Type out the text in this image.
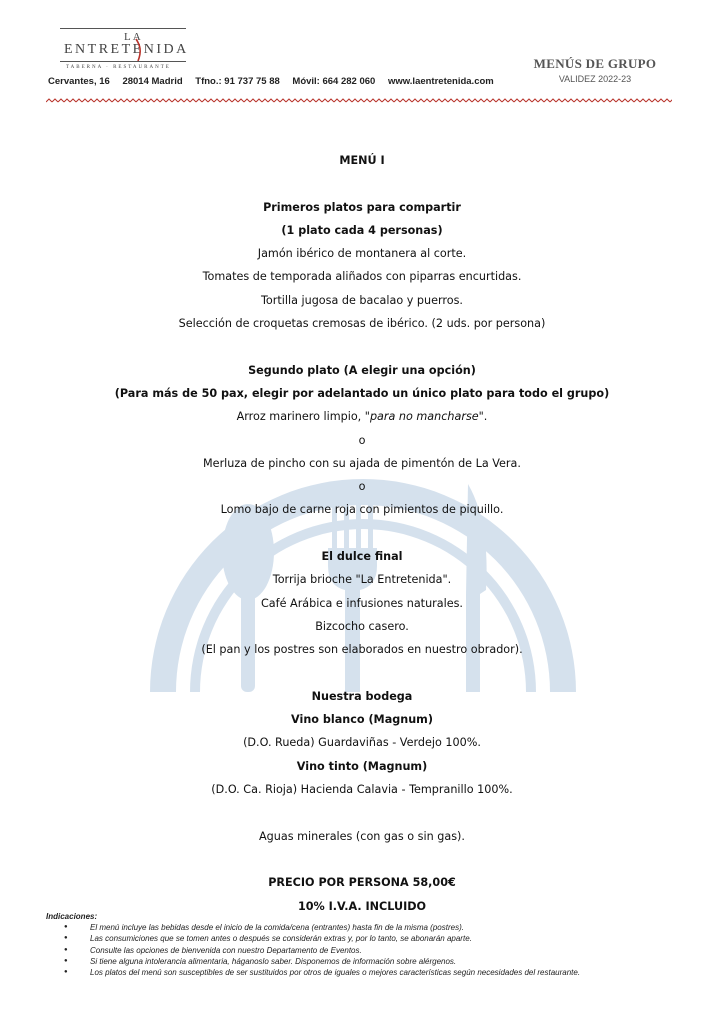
LA
ENTRETENIDA
TABERNA · RESTAURANTE
Cervantes, 16 28014 Madrid Tfno.: 91 737 75 88 Móvil: 664 282 060 www.laentretenida.com
MENÚS DE GRUPO
VALIDEZ 2022-23
MENÚ I
Primeros platos para compartir
(1 plato cada 4 personas)
Jamón ibérico de montanera al corte.
Tomates de temporada aliñados con piparras encurtidas.
Tortilla jugosa de bacalao y puerros.
Selección de croquetas cremosas de ibérico. (2 uds. por persona)
Segundo plato (A elegir una opción)
(Para más de 50 pax, elegir por adelantado un único plato para todo el grupo)
Arroz marinero limpio, "para no mancharse".
o
Merluza de pincho con su ajada de pimentón de La Vera.
o
Lomo bajo de carne roja con pimientos de piquillo.
El dulce final
Torrija brioche "La Entretenida".
Café Arábica e infusiones naturales.
Bizcocho casero.
(El pan y los postres son elaborados en nuestro obrador).
Nuestra bodega
Vino blanco (Magnum)
(D.O. Rueda) Guardaviñas - Verdejo 100%.
Vino tinto (Magnum)
(D.O. Ca. Rioja) Hacienda Calavia - Tempranillo 100%.
Aguas minerales (con gas o sin gas).
PRECIO POR PERSONA 58,00€
10% I.V.A. INCLUIDO
Indicaciones:
● El menú incluye las bebidas desde el inicio de la comida/cena (entrantes) hasta fin de la misma (postres).
● Las consumiciones que se tomen antes o después se considerán extras y, por lo tanto, se abonarán aparte.
● Consulte las opciones de bienvenida con nuestro Departamento de Eventos.
● Si tiene alguna intolerancia alimentaria, háganoslo saber. Disponemos de información sobre alérgenos.
● Los platos del menú son susceptibles de ser sustituidos por otros de iguales o mejores características según necesidades del restaurante.
